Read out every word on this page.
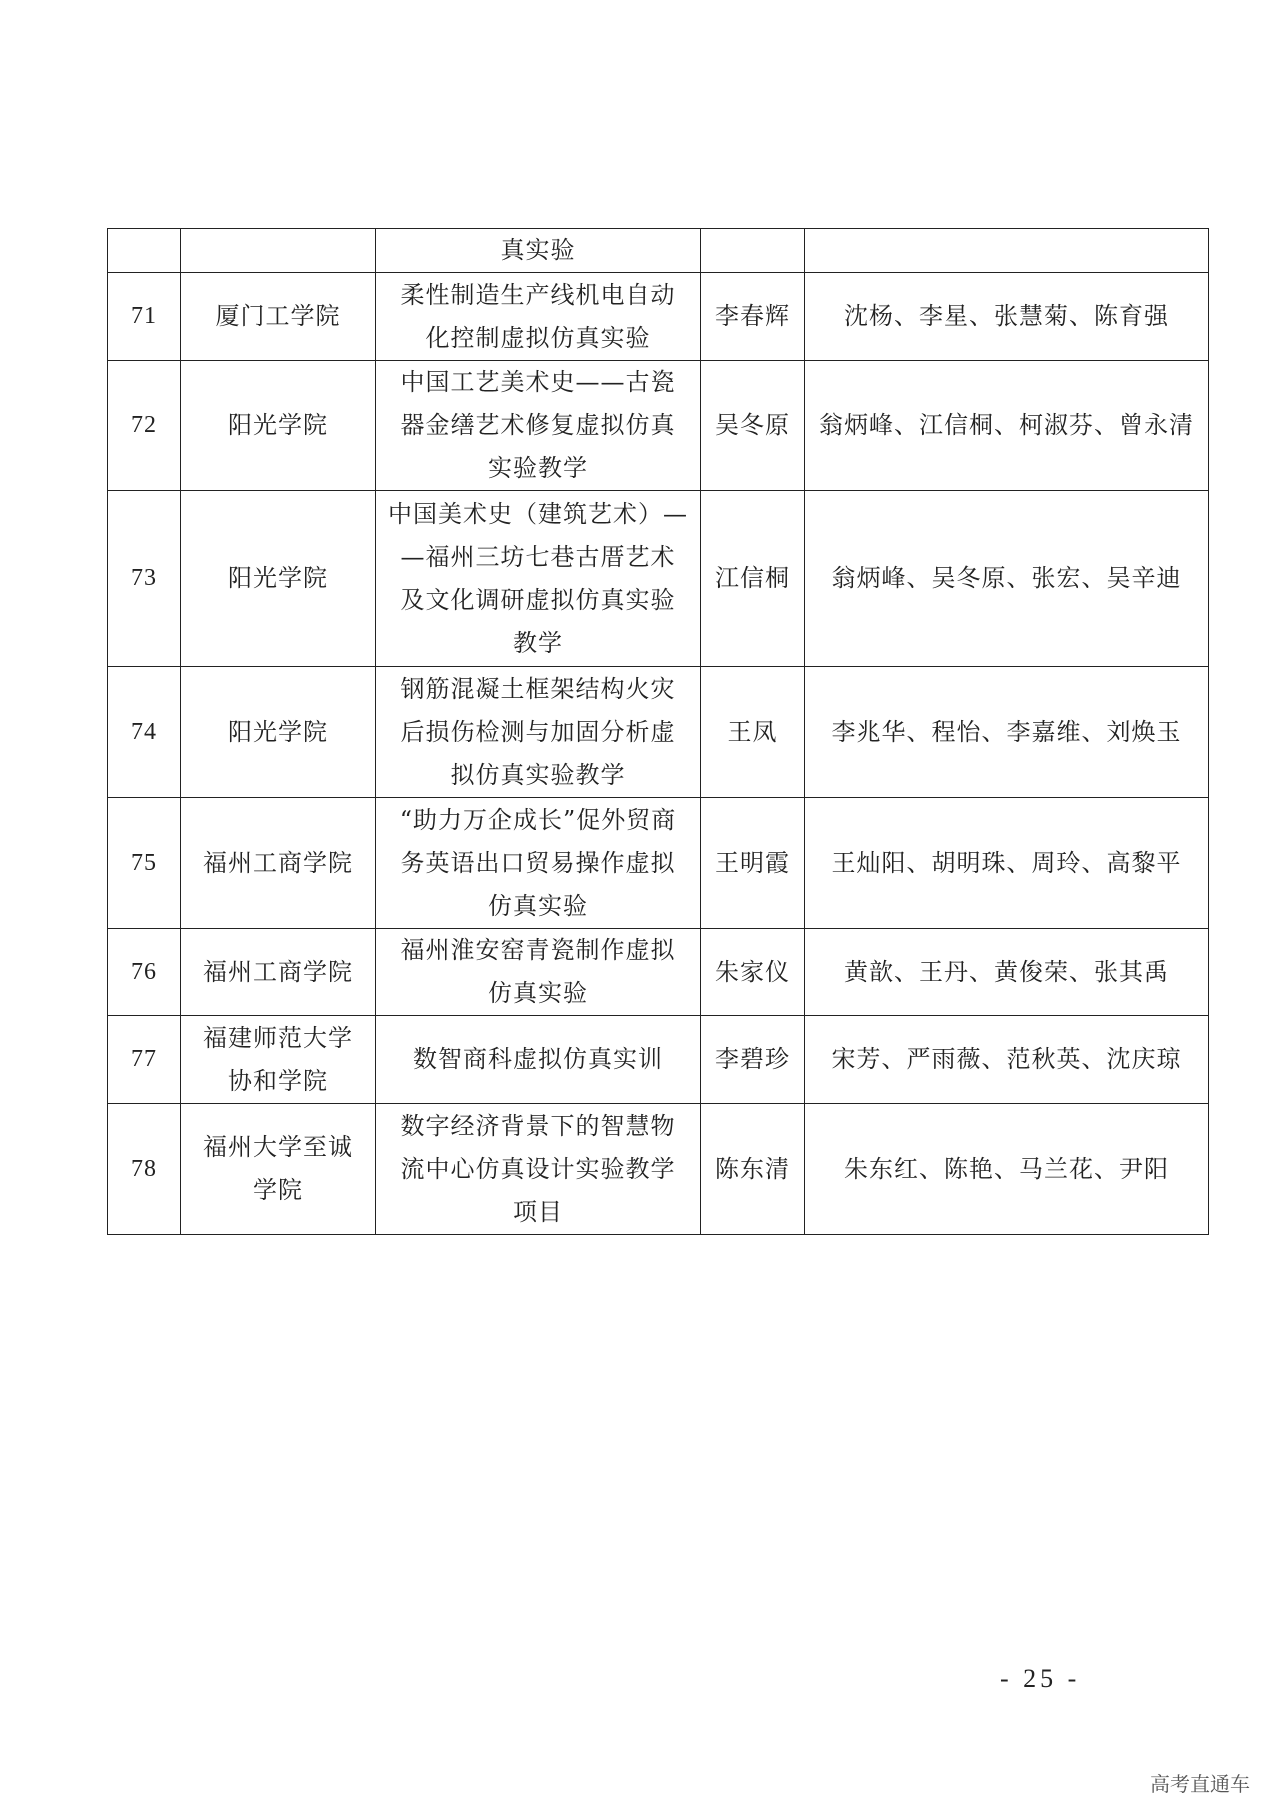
		真实验		

71	厦门工学院	柔性制造生产线机电自动
化控制虚拟仿真实验	李春辉	沈杨、李星、张慧菊、陈育强
72	阳光学院	中国工艺美术史——古瓷
器金缮艺术修复虚拟仿真
实验教学	吴冬原	翁炳峰、江信桐、柯淑芬、曾永清
73	阳光学院	中国美术史（建筑艺术）—
—福州三坊七巷古厝艺术
及文化调研虚拟仿真实验
教学	江信桐	翁炳峰、吴冬原、张宏、吴辛迪
74	阳光学院	钢筋混凝土框架结构火灾
后损伤检测与加固分析虚
拟仿真实验教学	王凤	李兆华、程怡、李嘉维、刘焕玉
75	福州工商学院	“助力万企成长”促外贸商
务英语出口贸易操作虚拟
仿真实验	王明霞	王灿阳、胡明珠、周玲、高黎平
76	福州工商学院	福州淮安窑青瓷制作虚拟
仿真实验	朱家仪	黄歆、王丹、黄俊荣、张其禹
77	福建师范大学
协和学院	数智商科虚拟仿真实训	李碧珍	宋芳、严雨薇、范秋英、沈庆琼
78	福州大学至诚
学院	数字经济背景下的智慧物
流中心仿真设计实验教学
项目	陈东清	朱东红、陈艳、马兰花、尹阳
- 25 -
高考直通车
